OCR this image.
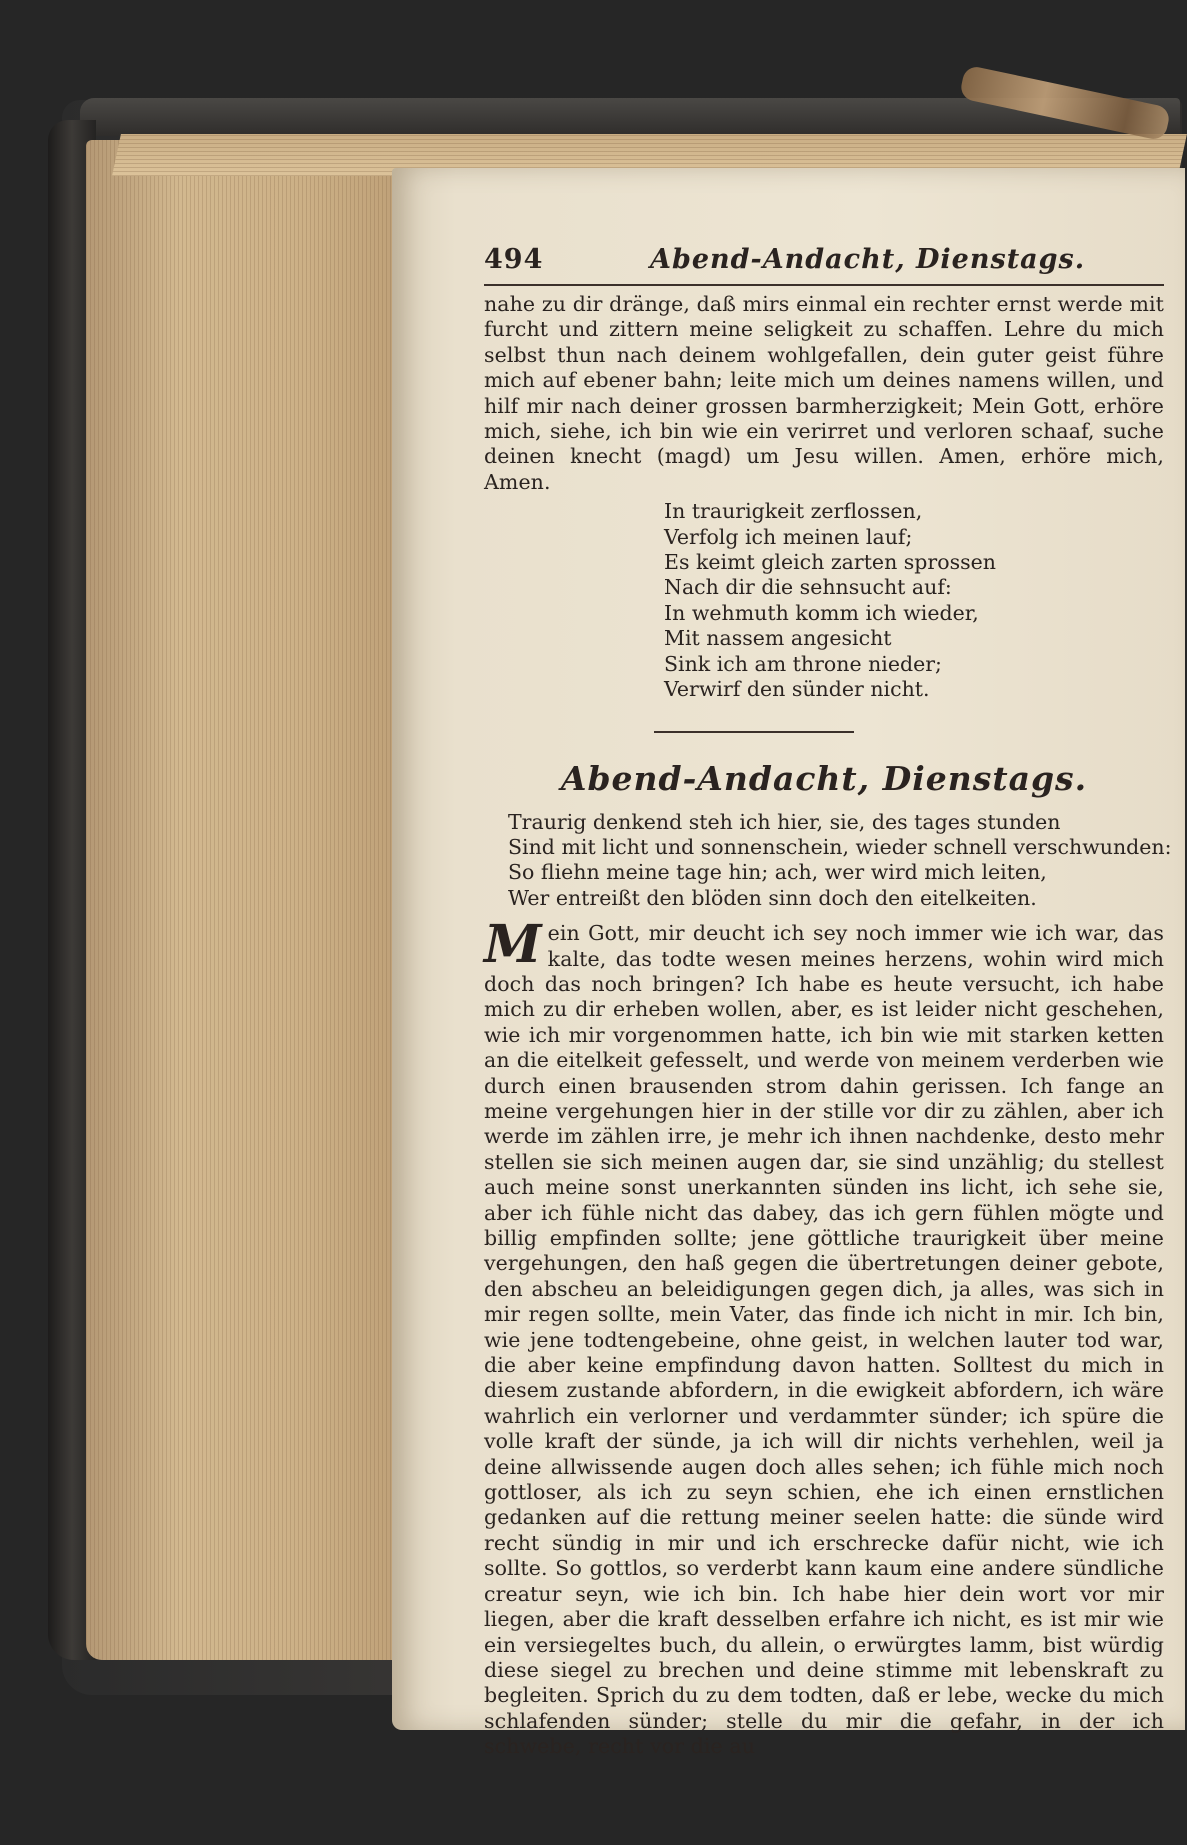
494	Abend-Andacht, Dienstags.

nahe zu dir dränge, daß mirs einmal ein rechter ernst werde mit furcht und zittern meine seligkeit zu schaffen. Lehre du mich selbst thun nach deinem wohlgefallen, dein guter geist führe mich auf ebener bahn; leite mich um deines namens willen, und hilf mir nach deiner grossen barmherzigkeit; Mein Gott, erhöre mich, siehe, ich bin wie ein verirret und verloren schaaf, suche deinen knecht (magd) um Jesu willen. Amen, erhöre mich, Amen.

In traurigkeit zerflossen,
Verfolg ich meinen lauf;
Es keimt gleich zarten sprossen
Nach dir die sehnsucht auf:
In wehmuth komm ich wieder,
Mit nassem angesicht
Sink ich am throne nieder;
Verwirf den sünder nicht.
Abend-Andacht, Dienstags.
Traurig denkend steh ich hier, sie, des tages stunden
Sind mit licht und sonnenschein, wieder schnell verschwunden:
So fliehn meine tage hin; ach, wer wird mich leiten,
Wer entreißt den blöden sinn doch den eitelkeiten.

Mein Gott, mir deucht ich sey noch immer wie ich war, das kalte, das todte wesen meines herzens, wohin wird mich doch das noch bringen? Ich habe es heute versucht, ich habe mich zu dir erheben wollen, aber, es ist leider nicht geschehen, wie ich mir vorgenommen hatte, ich bin wie mit starken ketten an die eitelkeit gefesselt, und werde von meinem verderben wie durch einen brausenden strom dahin gerissen. Ich fange an meine vergehungen hier in der stille vor dir zu zählen, aber ich werde im zählen irre, je mehr ich ihnen nachdenke, desto mehr stellen sie sich meinen augen dar, sie sind unzählig; du stellest auch meine sonst unerkannten sünden ins licht, ich sehe sie, aber ich fühle nicht das dabey, das ich gern fühlen mögte und billig empfinden sollte; jene göttliche traurigkeit über meine vergehungen, den haß gegen die übertretungen deiner gebote, den abscheu an beleidigungen gegen dich, ja alles, was sich in mir regen sollte, mein Vater, das finde ich nicht in mir. Ich bin, wie jene todtengebeine, ohne geist, in welchen lauter tod war, die aber keine empfindung davon hatten. Solltest du mich in diesem zustande abfordern, in die ewigkeit abfordern, ich wäre wahrlich ein verlorner und verdammter sünder; ich spüre die volle kraft der sünde, ja ich will dir nichts verhehlen, weil ja deine allwissende augen doch alles sehen; ich fühle mich noch gottloser, als ich zu seyn schien, ehe ich einen ernstlichen gedanken auf die rettung meiner seelen hatte: die sünde wird recht sündig in mir und ich erschrecke dafür nicht, wie ich sollte. So gottlos, so verderbt kann kaum eine andere sündliche creatur seyn, wie ich bin. Ich habe hier dein wort vor mir liegen, aber die kraft desselben erfahre ich nicht, es ist mir wie ein versiegeltes buch, du allein, o erwürgtes lamm, bist würdig diese siegel zu brechen und deine stimme mit lebenskraft zu begleiten. Sprich du zu dem todten, daß er lebe, wecke du mich schlafenden sünder; stelle du mir die gefahr, in der ich schwebe, recht vor die au
